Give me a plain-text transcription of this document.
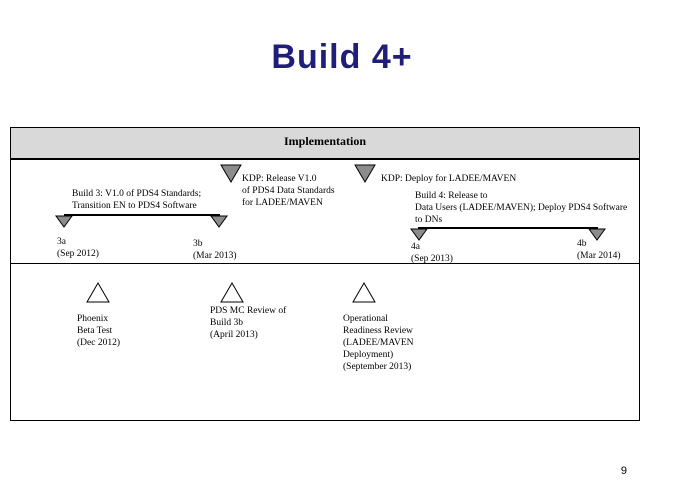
Build 4+
Implementation
Build 3: V1.0 of PDS4 Standards;
Transition EN to PDS4 Software
3a
(Sep 2012)
3b
(Mar 2013)
KDP: Release V1.0
of PDS4 Data Standards
for LADEE/MAVEN
KDP: Deploy for LADEE/MAVEN
Build 4: Release to
Data Users (LADEE/MAVEN); Deploy PDS4 Software
to DNs
4a
(Sep 2013)
4b
(Mar 2014)
Phoenix
Beta Test
(Dec 2012)
PDS MC Review of
Build 3b
(April 2013)
Operational
Readiness Review
(LADEE/MAVEN
Deployment)
(September 2013)
9
